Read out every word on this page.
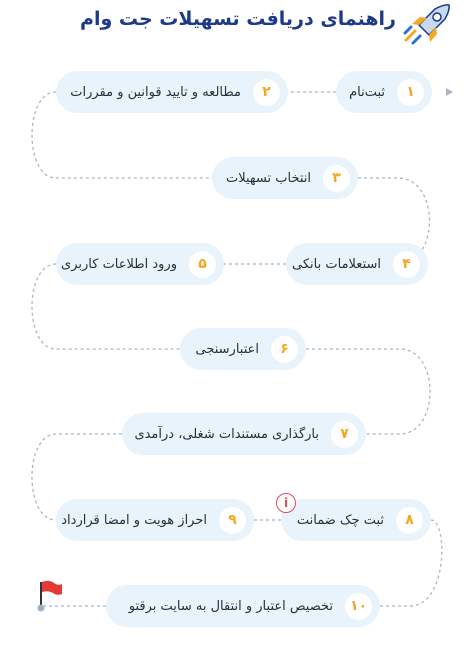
راهنمای دریافت تسهیلات جت وام
۱
ثبت‌نام
۲
مطالعه و تایید قوانین و مقررات
۳
انتخاب تسهیلات
۴
استعلامات بانکی
۵
ورود اطلاعات کاربری
۶
اعتبارسنجی
۷
بارگذاری مستندات شغلی، درآمدی
۸
ثبت چک ضمانت
۹
احراز هویت و امضا قرارداد
۱۰
تخصیص اعتبار و انتقال به سایت برقتو
i
